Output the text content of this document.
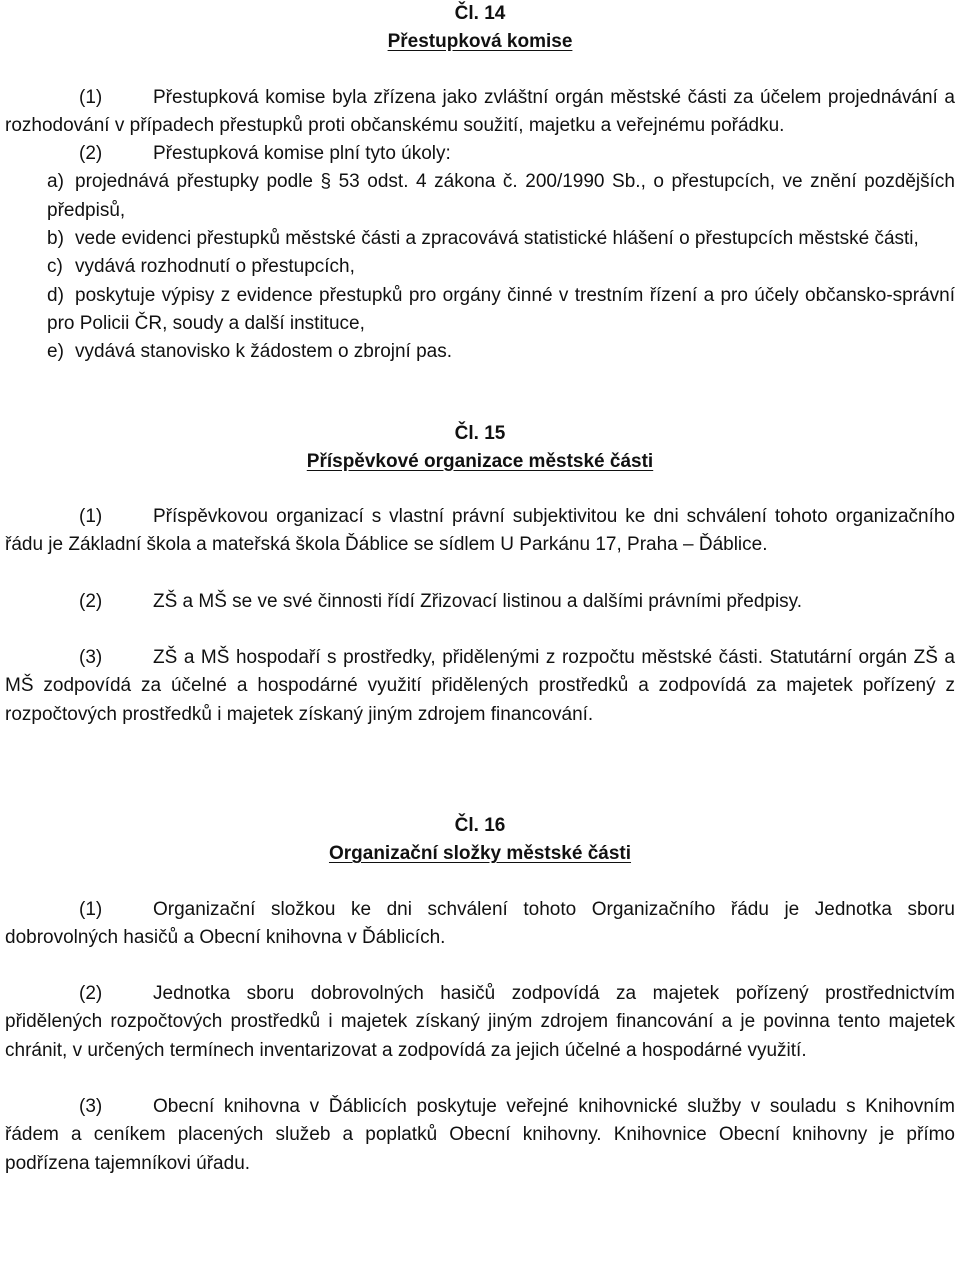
Čl. 14
Přestupková komise

(1)	Přestupková komise byla zřízena jako zvláštní orgán městské části za účelem projednávání a rozhodování v případech přestupků proti občanskému soužití, majetku a veřejnému pořádku.

(2)	Přestupková komise plní tyto úkoly:

a) projednává přestupky podle § 53 odst. 4 zákona č. 200/1990 Sb., o přestupcích, ve znění pozdějších předpisů,

b) vede evidenci přestupků městské části a zpracovává statistické hlášení o přestupcích městské části,

c) vydává rozhodnutí o přestupcích,

d) poskytuje výpisy z evidence přestupků pro orgány činné v trestním řízení a pro účely občansko-správní pro Policii ČR, soudy a další instituce,

e) vydává stanovisko k žádostem o zbrojní pas.

Čl. 15
Příspěvkové organizace městské části

(1)	Příspěvkovou organizací s vlastní právní subjektivitou ke dni schválení tohoto organizačního řádu je Základní škola a mateřská škola Ďáblice se sídlem U Parkánu 17, Praha – Ďáblice.

(2)	ZŠ a MŠ se ve své činnosti řídí Zřizovací listinou a dalšími právními předpisy.

(3)	ZŠ a MŠ hospodaří s prostředky, přidělenými z rozpočtu městské části. Statutární orgán ZŠ a MŠ zodpovídá za účelné a hospodárné využití přidělených prostředků a zodpovídá za majetek pořízený z rozpočtových prostředků i majetek získaný jiným zdrojem financování.

Čl. 16
Organizační složky městské části

(1)	Organizační složkou ke dni schválení tohoto Organizačního řádu je Jednotka sboru dobrovolných hasičů a Obecní knihovna v Ďáblicích.

(2)	Jednotka sboru dobrovolných hasičů zodpovídá za majetek pořízený prostřednictvím přidělených rozpočtových prostředků i majetek získaný jiným zdrojem financování a je povinna tento majetek chránit, v určených termínech inventarizovat a zodpovídá za jejich účelné a hospodárné využití.

(3)	Obecní knihovna v Ďáblicích poskytuje veřejné knihovnické služby v souladu s Knihovním řádem a ceníkem placených služeb a poplatků Obecní knihovny. Knihovnice Obecní knihovny je přímo podřízena tajemníkovi úřadu.
